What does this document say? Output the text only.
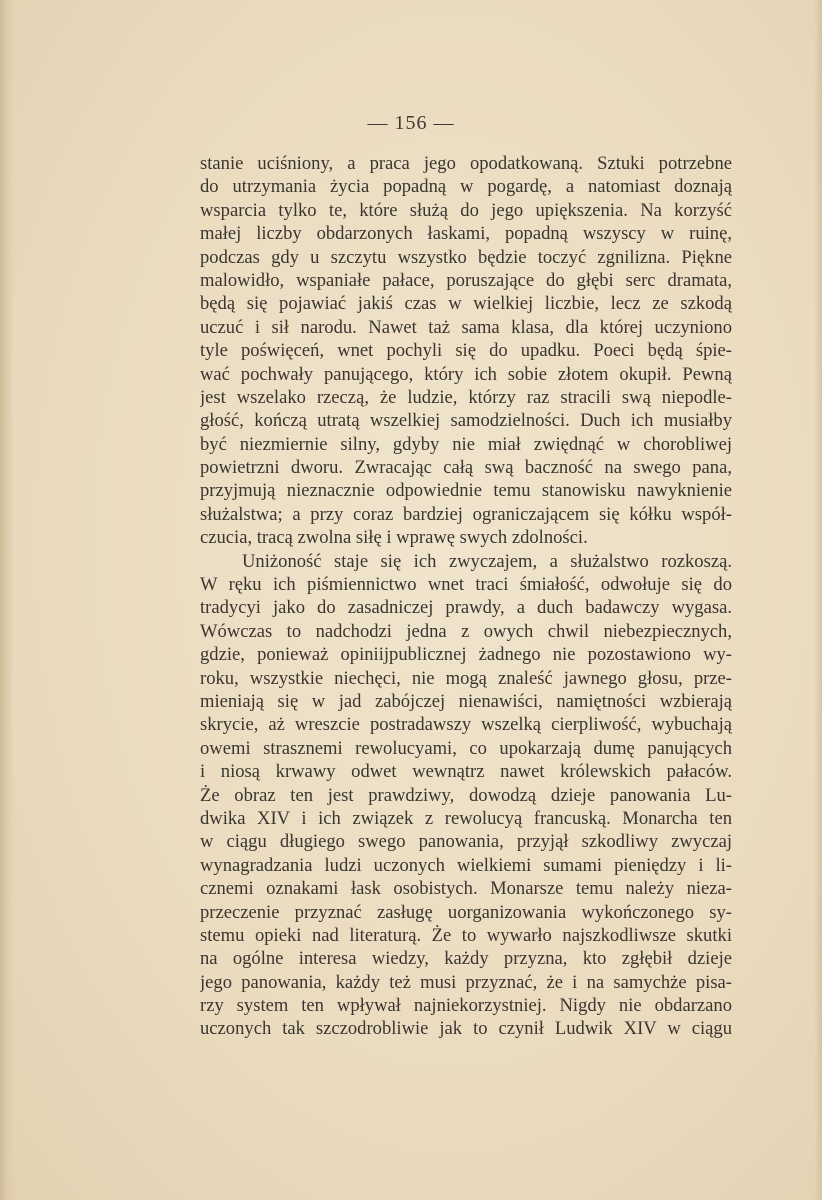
— 156 —
stanie uciśniony, a praca jego opodatkowaną. Sztuki potrzebne
do utrzymania życia popadną w pogardę, a natomiast doznają
wsparcia tylko te, które służą do jego upiększenia. Na korzyść
małej liczby obdarzonych łaskami, popadną wszyscy w ruinę,
podczas gdy u szczytu wszystko będzie toczyć zgnilizna. Piękne
malowidło, wspaniałe pałace, poruszające do głębi serc dramata,
będą się pojawiać jakiś czas w wielkiej liczbie, lecz ze szkodą
uczuć i sił narodu. Nawet taż sama klasa, dla której uczyniono
tyle poświęceń, wnet pochyli się do upadku. Poeci będą śpie-
wać pochwały panującego, który ich sobie złotem okupił. Pewną
jest wszelako rzeczą, że ludzie, którzy raz stracili swą niepodle-
głość, kończą utratą wszelkiej samodzielności. Duch ich musiałby
być niezmiernie silny, gdyby nie miał zwiędnąć w chorobliwej
powietrzni dworu. Zwracając całą swą baczność na swego pana,
przyjmują nieznacznie odpowiednie temu stanowisku nawyknienie
służalstwa; a przy coraz bardziej ograniczającem się kółku współ-
czucia, tracą zwolna siłę i wprawę swych zdolności.
Uniżoność staje się ich zwyczajem, a służalstwo rozkoszą.
W ręku ich piśmiennictwo wnet traci śmiałość, odwołuje się do
tradycyi jako do zasadniczej prawdy, a duch badawczy wygasa.
Wówczas to nadchodzi jedna z owych chwil niebezpiecznych,
gdzie, ponieważ opiniijpublicznej żadnego nie pozostawiono wy-
roku, wszystkie niechęci, nie mogą znaleść jawnego głosu, prze-
mieniają się w jad zabójczej nienawiści, namiętności wzbierają
skrycie, aż wreszcie postradawszy wszelką cierpliwość, wybuchają
owemi strasznemi rewolucyami, co upokarzają dumę panujących
i niosą krwawy odwet wewnątrz nawet królewskich pałaców.
Że obraz ten jest prawdziwy, dowodzą dzieje panowania Lu-
dwika XIV i ich związek z rewolucyą francuską. Monarcha ten
w ciągu długiego swego panowania, przyjął szkodliwy zwyczaj
wynagradzania ludzi uczonych wielkiemi sumami pieniędzy i li-
cznemi oznakami łask osobistych. Monarsze temu należy nieza-
przeczenie przyznać zasługę uorganizowania wykończonego sy-
stemu opieki nad literaturą. Że to wywarło najszkodliwsze skutki
na ogólne interesa wiedzy, każdy przyzna, kto zgłębił dzieje
jego panowania, każdy też musi przyznać, że i na samychże pisa-
rzy system ten wpływał najniekorzystniej. Nigdy nie obdarzano
uczonych tak szczodrobliwie jak to czynił Ludwik XIV w ciągu
